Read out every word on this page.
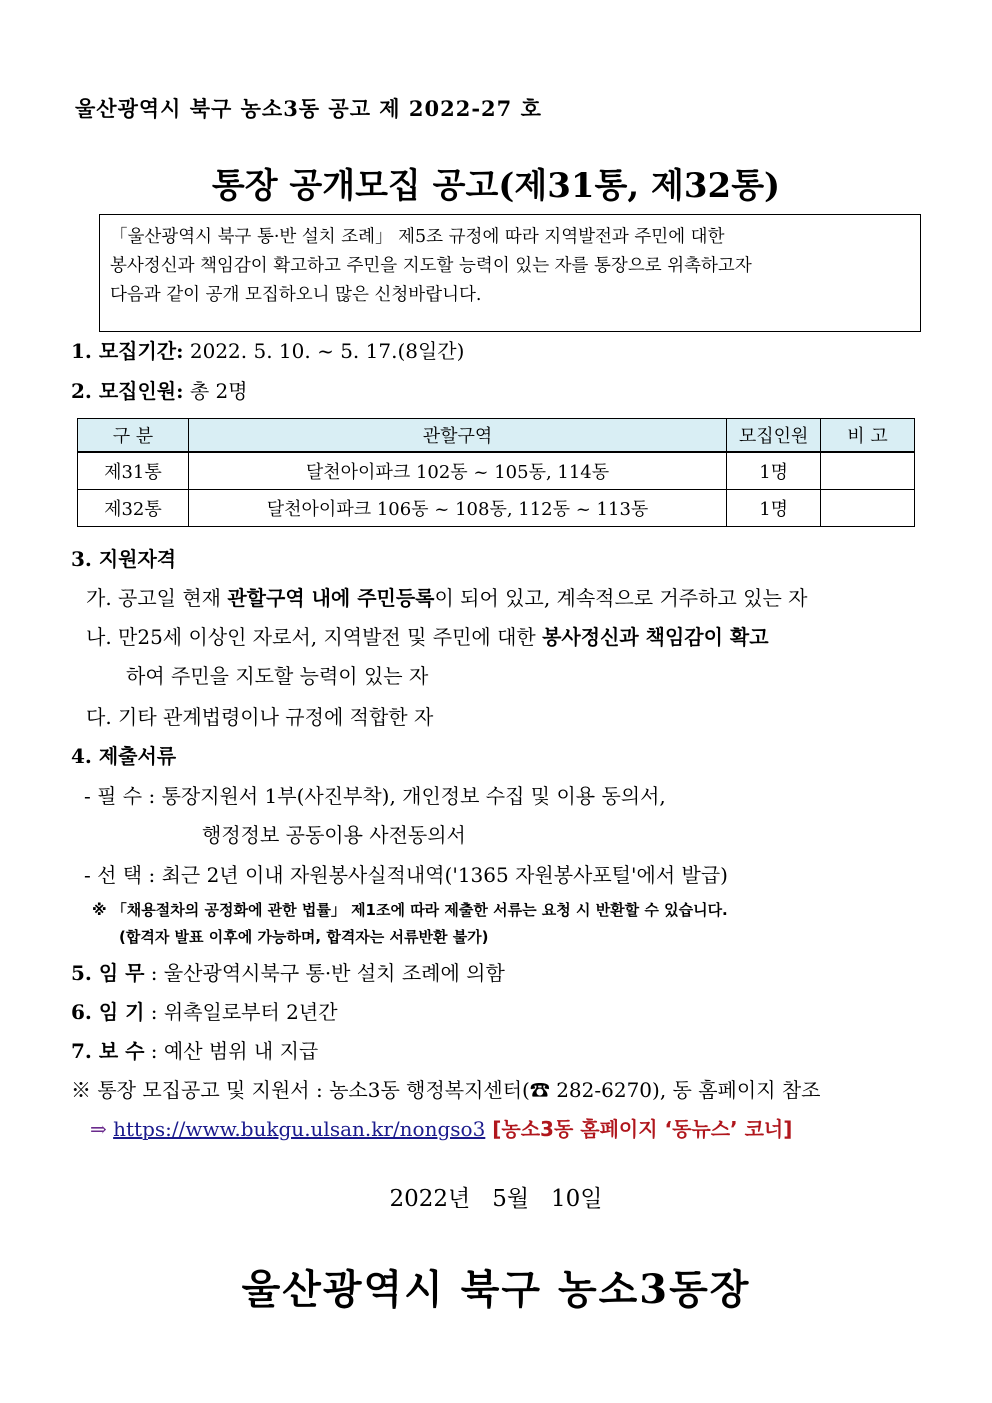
울산광역시 북구 농소3동 공고 제 2022-27 호
통장 공개모집 공고(제31통, 제32통)

「울산광역시 북구 통·반 설치 조례」 제5조 규정에 따라 지역발전과 주민에 대한

봉사정신과 책임감이 확고하고 주민을 지도할 능력이 있는 자를 통장으로 위촉하고자

다음과 같이 공개 모집하오니 많은 신청바랍니다.

1. 모집기간: 2022. 5. 10. ~ 5. 17.(8일간)
2. 모집인원: 총 2명
구 분	관할구역	모집인원	비 고
제31통	달천아이파크 102동 ~ 105동, 114동	1명	
제32통	달천아이파크 106동 ~ 108동, 112동 ~ 113동	1명	
3. 지원자격
가. 공고일 현재 관할구역 내에 주민등록이 되어 있고, 계속적으로 거주하고 있는 자
나. 만25세 이상인 자로서, 지역발전 및 주민에 대한 봉사정신과 책임감이 확고
하여 주민을 지도할 능력이 있는 자
다. 기타 관계법령이나 규정에 적합한 자
4. 제출서류
- 필 수 : 통장지원서 1부(사진부착), 개인정보 수집 및 이용 동의서,
행정정보 공동이용 사전동의서
- 선 택 : 최근 2년 이내 자원봉사실적내역('1365 자원봉사포털'에서 발급)
※ 「채용절차의 공정화에 관한 법률」 제1조에 따라 제출한 서류는 요청 시 반환할 수 있습니다.
(합격자 발표 이후에 가능하며, 합격자는 서류반환 불가)
5. 임 무 : 울산광역시북구 통·반 설치 조례에 의함
6. 임 기 : 위촉일로부터 2년간
7. 보 수 : 예산 범위 내 지급
※ 통장 모집공고 및 지원서 : 농소3동 행정복지센터(☎ 282-6270), 동 홈페이지 참조
⇒ https://www.bukgu.ulsan.kr/nongso3 [농소3동 홈페이지 ‘동뉴스’ 코너]
2022년   5월   10일
울산광역시 북구 농소3동장
